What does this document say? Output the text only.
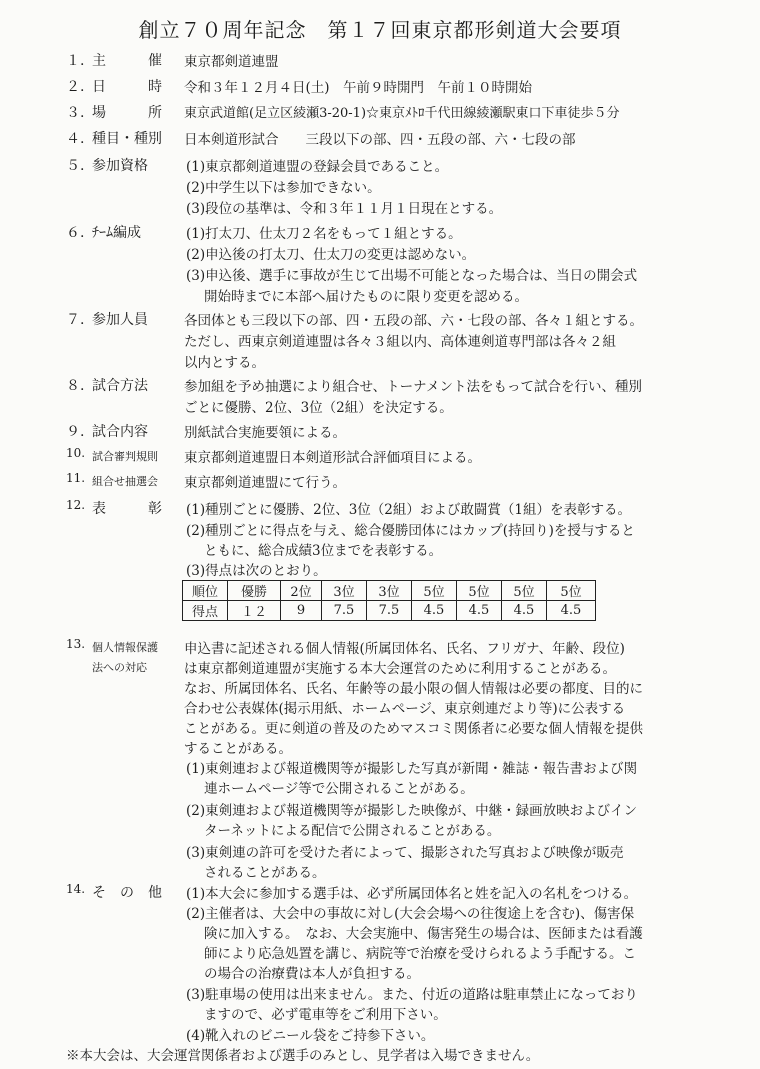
創立７０周年記念　第１７回東京都形剣道大会要項
１. 主	催 東京都剣道連盟
２. 日	時 令和３年１２月４日(土)　午前９時開門　午前１０時開始
３. 場	所 東京武道館(足立区綾瀬3-20-1)☆東京ﾒﾄﾛ千代田線綾瀬駅東口下車徒歩５分
４. 種目・種別 日本剣道形試合　　三段以下の部、四・五段の部、六・七段の部
５. 参加資格	(1)東京都剣道連盟の登録会員であること。
(2)中学生以下は参加できない。
(3)段位の基準は、令和３年１１月１日現在とする。
６. ﾁｰﾑ編成	(1)打太刀、仕太刀２名をもって１組とする。
(2)申込後の打太刀、仕太刀の変更は認めない。
(3)申込後、選手に事故が生じて出場不可能となった場合は、当日の開会式
開始時までに本部へ届けたものに限り変更を認める。
７. 参加人員	各団体とも三段以下の部、四・五段の部、六・七段の部、各々１組とする。
ただし、西東京剣道連盟は各々３組以内、高体連剣道専門部は各々２組
以内とする。
８. 試合方法	参加組を予め抽選により組合せ、トーナメント法をもって試合を行い、種別
ごとに優勝、2位、3位（2組）を決定する。
９. 試合内容	別紙試合実施要領による。
10. 試合審判規則 東京都剣道連盟日本剣道形試合評価項目による。
11. 組合せ抽選会 東京都剣道連盟にて行う。
12. 表	彰 (1)種別ごとに優勝、2位、3位（2組）および敢闘賞（1組）を表彰する。
(2)種別ごとに得点を与え、総合優勝団体にはカップ(持回り)を授与すると
ともに、総合成績3位までを表彰する。
(3)得点は次のとおり。
順位	優勝	2位	3位	3位	5位	5位	5位	5位
得点	１２	9	7.5	7.5	4.5	4.5	4.5	4.5
13. 個人情報保護
法への対応
申込書に記述される個人情報(所属団体名、氏名、フリガナ、年齢、段位)
は東京都剣道連盟が実施する本大会運営のために利用することがある。
なお、所属団体名、氏名、年齢等の最小限の個人情報は必要の都度、目的に
合わせ公表媒体(掲示用紙、ホームページ、東京剣連だより等)に公表する
ことがある。更に剣道の普及のためマスコミ関係者に必要な個人情報を提供
することがある。
(1)東剣連および報道機関等が撮影した写真が新聞・雑誌・報告書および関
連ホームページ等で公開されることがある。
(2)東剣連および報道機関等が撮影した映像が、中継・録画放映およびイン
ターネットによる配信で公開されることがある。
(3)東剣連の許可を受けた者によって、撮影された写真および映像が販売
されることがある。
14. そ の 他 (1)本大会に参加する選手は、必ず所属団体名と姓を記入の名札をつける。
(2)主催者は、大会中の事故に対し(大会会場への往復途上を含む)、傷害保
険に加入する。　なお、大会実施中、傷害発生の場合は、医師または看護
師により応急処置を講じ、病院等で治療を受けられるよう手配する。こ
の場合の治療費は本人が負担する。
(3)駐車場の使用は出来ません。また、付近の道路は駐車禁止になっており
ますので、必ず電車等をご利用下さい。
(4)靴入れのビニール袋をご持参下さい。
※本大会は、大会運営関係者および選手のみとし、見学者は入場できません。
